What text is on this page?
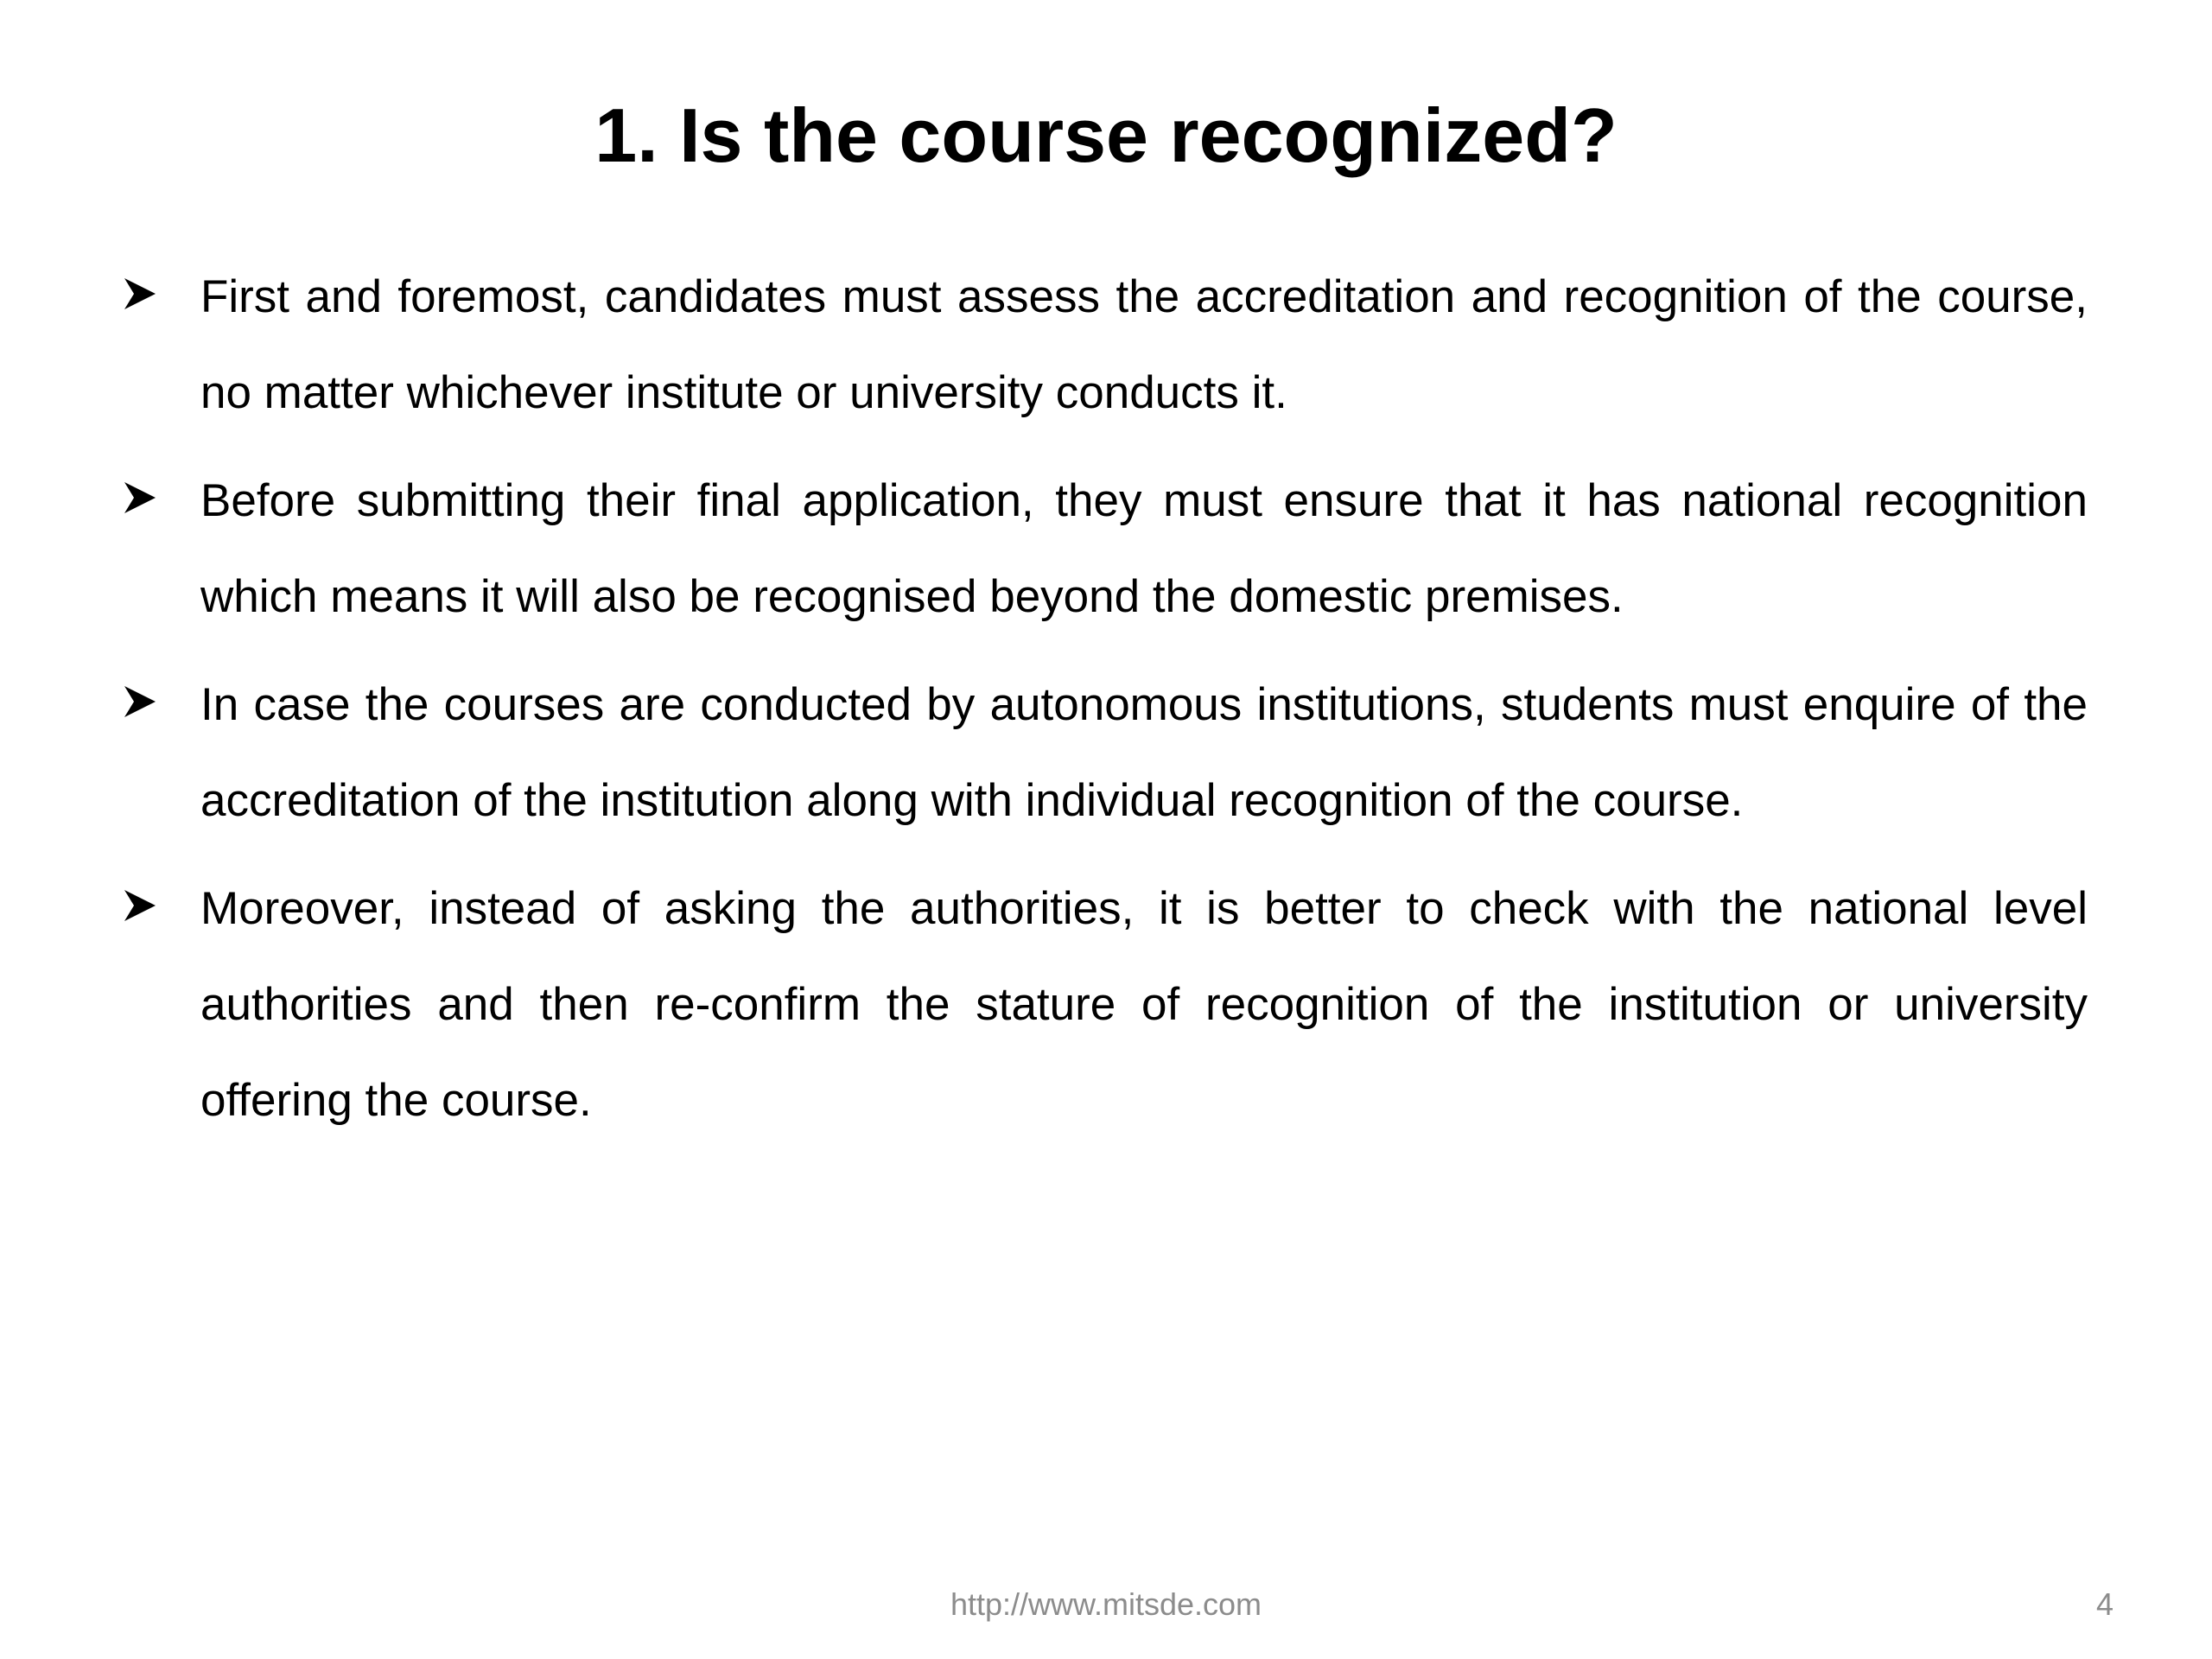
1. Is the course recognized?
First and foremost, candidates must assess the accreditation and recognition of the course, no matter whichever institute or university conducts it.
Before submitting their final application, they must ensure that it has national recognition which means it will also be recognised beyond the domestic premises.
In case the courses are conducted by autonomous institutions, students must enquire of the accreditation of the institution along with individual recognition of the course.
Moreover, instead of asking the authorities, it is better to check with the national level authorities and then re-confirm the stature of recognition of the institution or university offering the course.
http://www.mitsde.com	4
